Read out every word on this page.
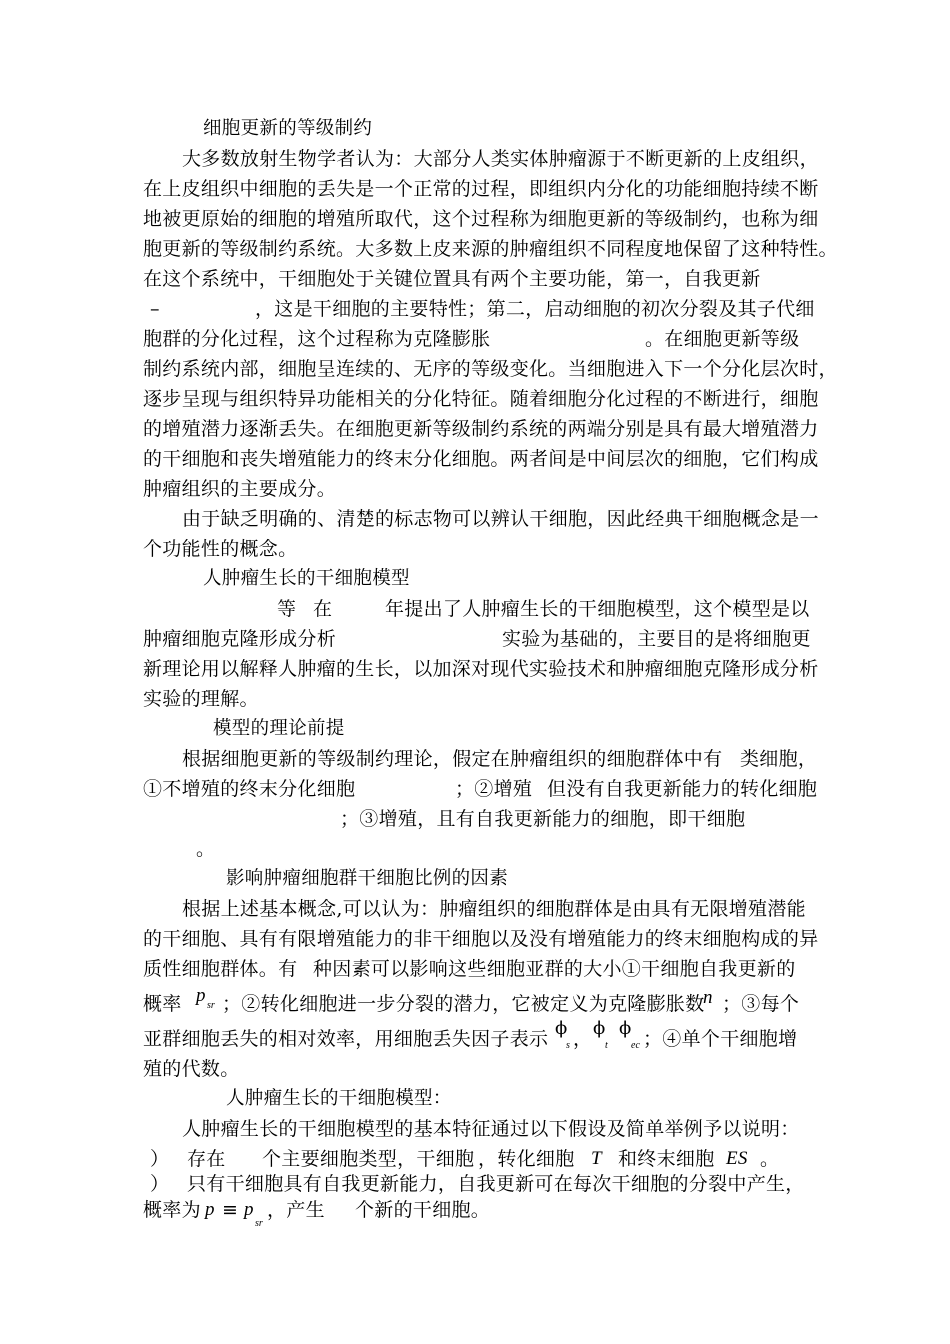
细胞更新的等级制约
大多数放射生物学者认为：大部分人类实体肿瘤源于不断更新的上皮组织，
在上皮组织中细胞的丢失是一个正常的过程，即组织内分化的功能细胞持续不断
地被更原始的细胞的增殖所取代，这个过程称为细胞更新的等级制约，也称为细
胞更新的等级制约系统。大多数上皮来源的肿瘤组织不同程度地保留了这种特性。
在这个系统中，干细胞处于关键位置具有两个主要功能，第一，自我更新
–	，这是干细胞的主要特性；第二，启动细胞的初次分裂及其子代细
胞群的分化过程，这个过程称为克隆膨胀	。在细胞更新等级
制约系统内部，细胞呈连续的、无序的等级变化。当细胞进入下一个分化层次时，
逐步呈现与组织特异功能相关的分化特征。随着细胞分化过程的不断进行，细胞
的增殖潜力逐渐丢失。在细胞更新等级制约系统的两端分别是具有最大增殖潜力
的干细胞和丧失增殖能力的终末分化细胞。两者间是中间层次的细胞，它们构成
肿瘤组织的主要成分。
由于缺乏明确的、清楚的标志物可以辨认干细胞，因此经典干细胞概念是一
个功能性的概念。
人肿瘤生长的干细胞模型
等 在	年提出了人肿瘤生长的干细胞模型，这个模型是以
肿瘤细胞克隆形成分析	实验为基础的，主要目的是将细胞更
新理论用以解释人肿瘤的生长，以加深对现代实验技术和肿瘤细胞克隆形成分析
实验的理解。
模型的理论前提
根据细胞更新的等级制约理论，假定在肿瘤组织的细胞群体中有 类细胞，
①不增殖的终末分化细胞	；②增殖 但没有自我更新能力的转化细胞
；③增殖，且有自我更新能力的细胞，即干细胞
。
影响肿瘤细胞群干细胞比例的因素
根据上述基本概念,可以认为：肿瘤组织的细胞群体是由具有无限增殖潜能
的干细胞、具有有限增殖能力的非干细胞以及没有增殖能力的终末细胞构成的异
质性细胞群体。有 种因素可以影响这些细胞亚群的大小①干细胞自我更新的
概率 p sr ；②转化细胞进一步分裂的潜力，它被定义为克隆膨胀数
n ；③每个
亚群细胞丢失的相对效率，用细胞丢失因子表示 ϕ
s ， ϕ
t
ϕ
ec ；④单个干细胞增
殖的代数。
人肿瘤生长的干细胞模型：
人肿瘤生长的干细胞模型的基本特征通过以下假设及简单举例予以说明：
） 存在 个主要细胞类型，干细胞 ，转化细胞 T 和终末细胞 ES 。
） 只有干细胞具有自我更新能力，自我更新可在每次干细胞的分裂中产生，
概率为 p ≡ p
sr
，产生 个新的干细胞。
